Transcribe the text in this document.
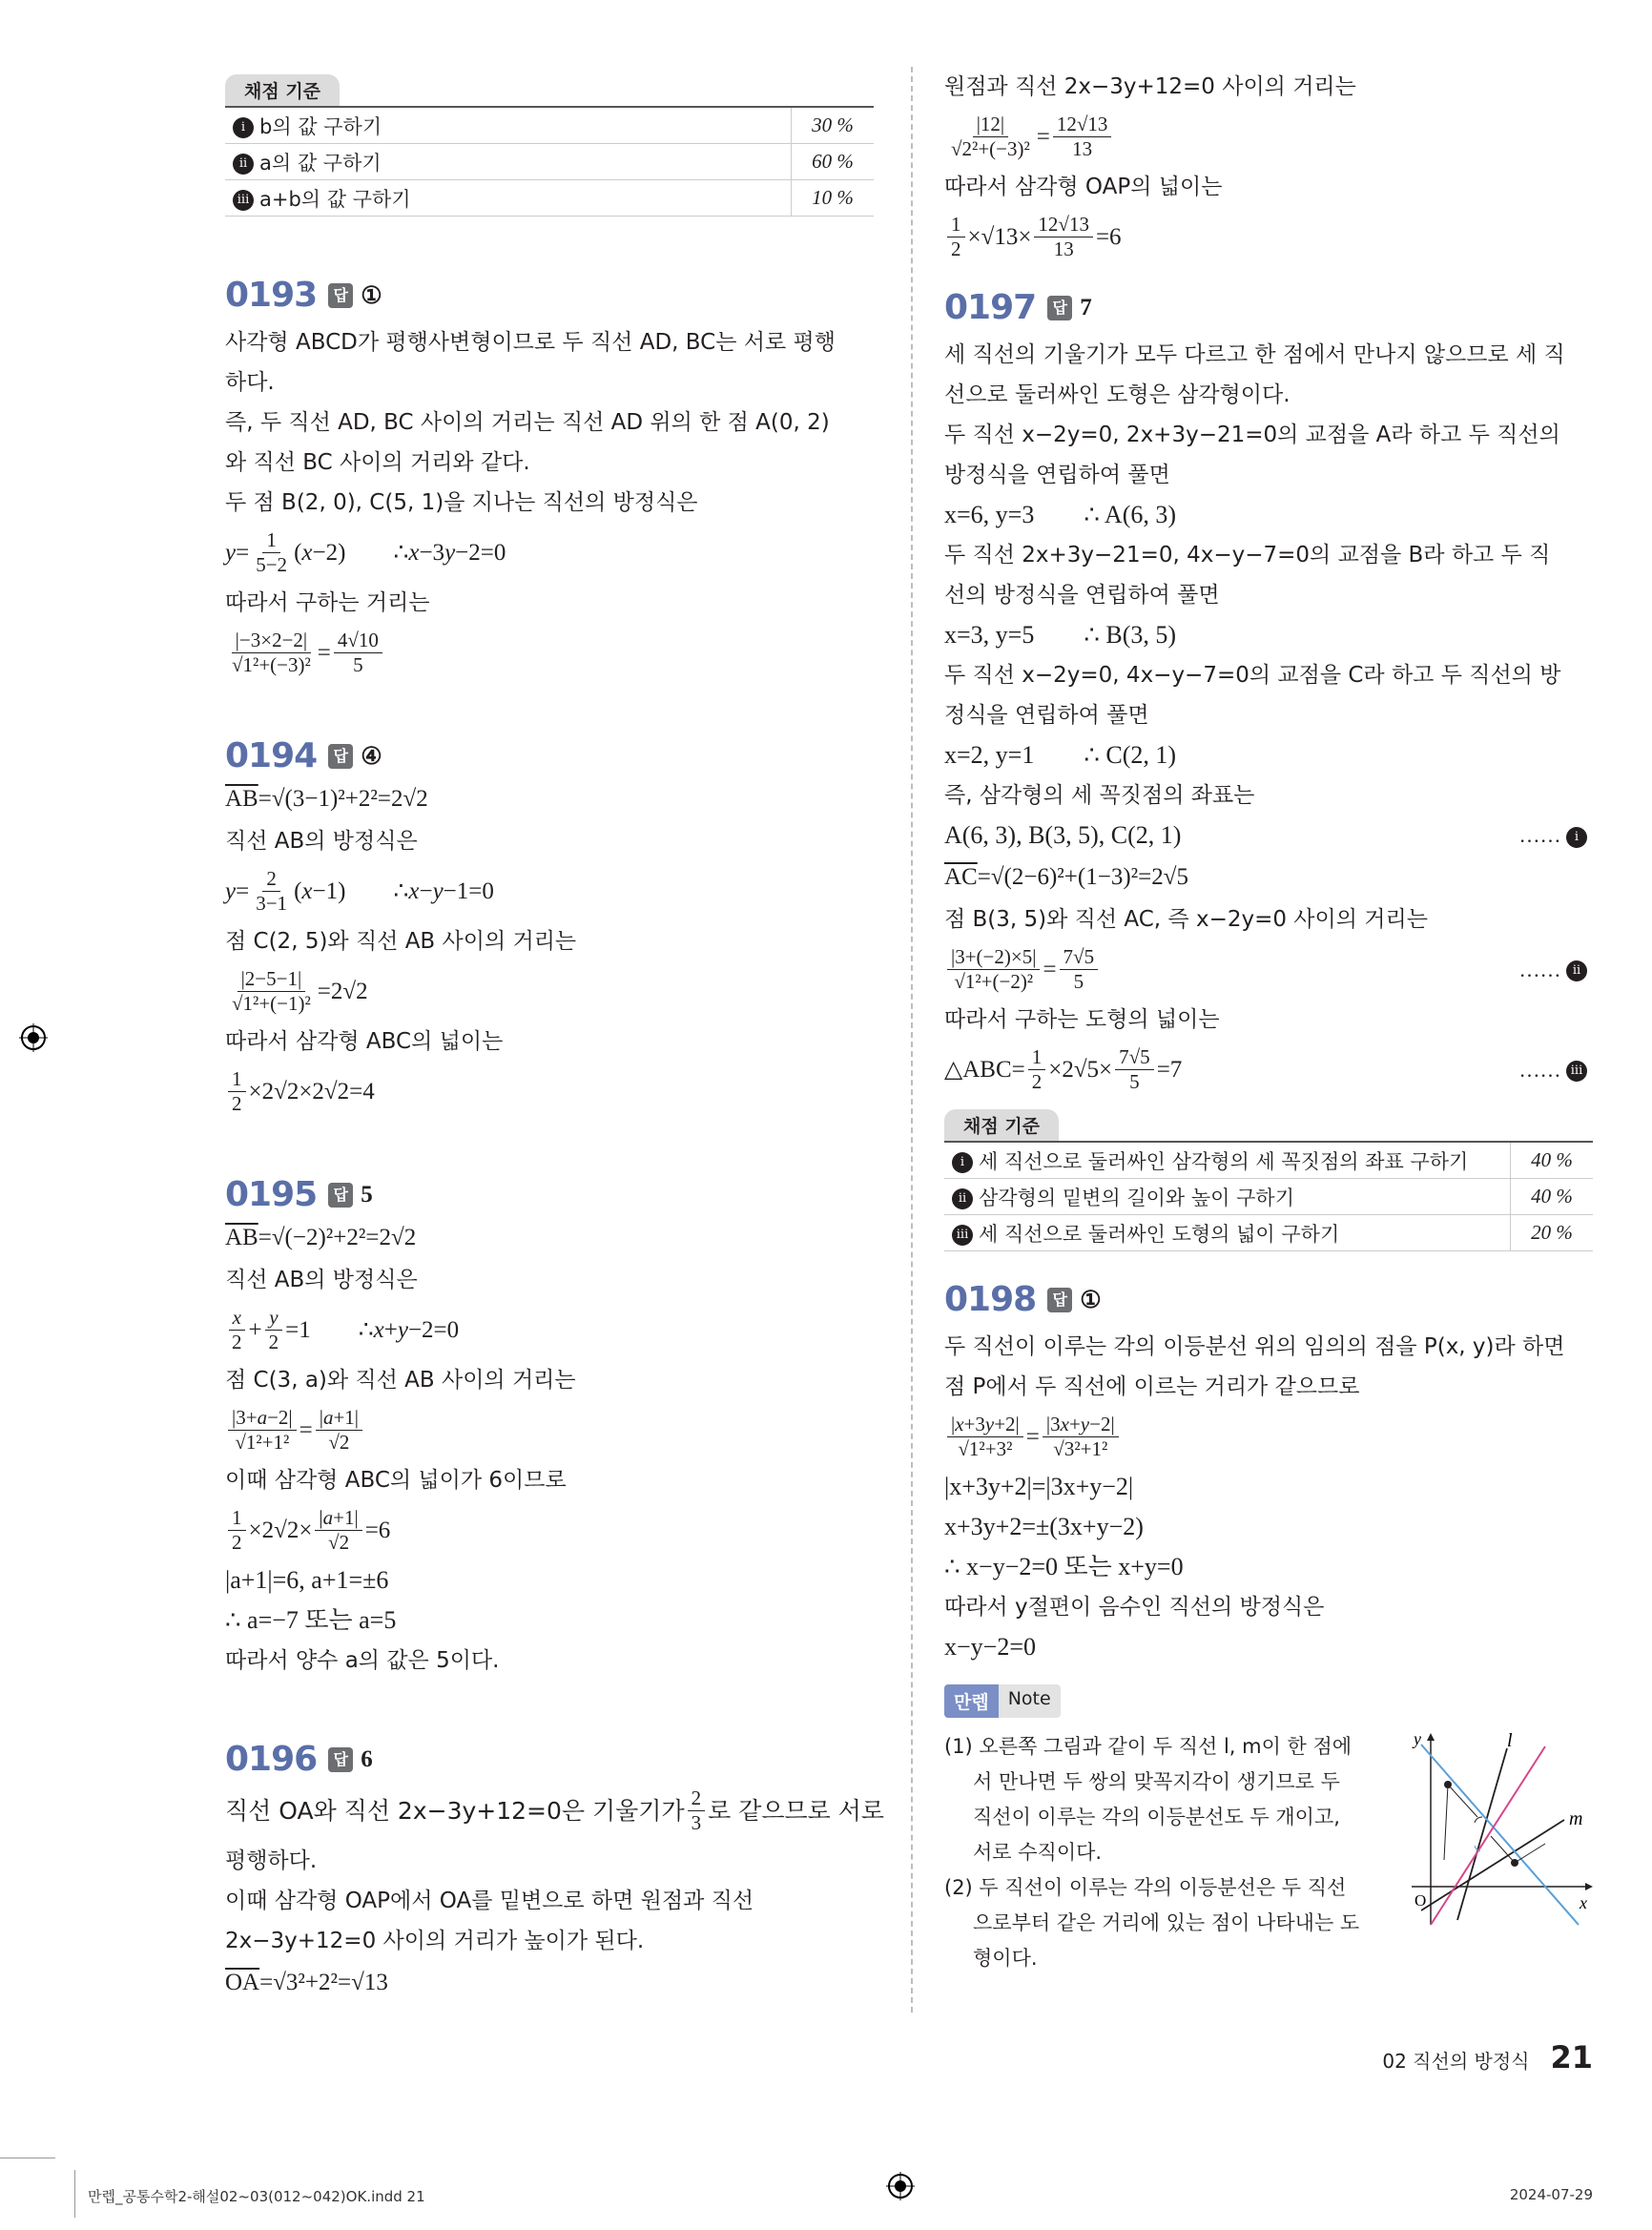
채점 기준
i b의 값 구하기	30 %
ii a의 값 구하기	60 %
iii a+b의 값 구하기	10 %
0193	답 ①
사각형 ABCD가 평행사변형이므로 두 직선 AD, BC는 서로 평행
하다.
즉, 두 직선 AD, BC 사이의 거리는 직선 AD 위의 한 점 A(0, 2)
와 직선 BC 사이의 거리와 같다.
두 점 B(2, 0), C(5, 1)을 지나는 직선의 방정식은
$y = \frac{1}{5-2}$ ( x −2) ∴ x −3 y −2=0
따라서 구하는 거리는
$\frac{|-3\times 2-2|}{\text{√1²+(−3)²}} = \frac{4√10}{5}$
0194	답 ④
$\overline{AB} =√(3-1)^2+2^2=2√2$
직선 AB의 방정식은
$y = \frac{2}{3-1}$ ( x −1) ∴ x − y −1=0
점 C(2, 5)와 직선 AB 사이의 거리는
$\frac{|2-5-1|}{\text{√1²+(−1)²}} =2√2$
따라서 삼각형 ABC의 넓이는
$\frac{1}{2} \times 2√2\times 2√2=4$
0195	답 5
$\overline{AB} =√(-2)^2+2^2=2√2$
직선 AB의 방정식은
$\frac{x}{2} + \frac{y}{2} =1$ ∴ x + y −2=0
점 C(3, a)와 직선 AB 사이의 거리는
$\frac{|3+a-2|}{\text{√1²+1²}} = \frac{|a+1|}{√2}$
이때 삼각형 ABC의 넓이가 6이므로
$\frac{1}{2} \times 2√2\times \frac{|a+1|}{√2} =6$
|a+1|=6, a+1=±6
∴ a=−7 또는 a=5
따라서 양수 a의 값은 5이다.
0196	답 6
직선 OA와 직선 2x−3y+12=0은 기울기가 $\frac{2}{3}$ 로 같으므로 서로
평행하다.
이때 삼각형 OAP에서 OA를 밑변으로 하면 원점과 직선
2x−3y+12=0 사이의 거리가 높이가 된다.
$\overline{OA} =√3^2+2^2=√13$
원점과 직선 2x−3y+12=0 사이의 거리는
$\frac{|12|}{\text{√2²+(−3)²}} = \frac{12√13}{13}$
따라서 삼각형 OAP의 넓이는
$\frac{1}{2} \times√13\times \frac{12√13}{13} =6$
0197	답 7
세 직선의 기울기가 모두 다르고 한 점에서 만나지 않으므로 세 직
선으로 둘러싸인 도형은 삼각형이다.
두 직선 x−2y=0, 2x+3y−21=0의 교점을 A라 하고 두 직선의
방정식을 연립하여 풀면
x=6, y=3        ∴ A(6, 3)
두 직선 2x+3y−21=0, 4x−y−7=0의 교점을 B라 하고 두 직
선의 방정식을 연립하여 풀면
x=3, y=5        ∴ B(3, 5)
두 직선 x−2y=0, 4x−y−7=0의 교점을 C라 하고 두 직선의 방
정식을 연립하여 풀면
x=2, y=1        ∴ C(2, 1)
즉, 삼각형의 세 꼭짓점의 좌표는
A(6, 3), B(3, 5), C(2, 1)	…… i
$\overline{AC} =√(2-6)^2+(1-3)^2=2√5$
점 B(3, 5)와 직선 AC, 즉 x−2y=0 사이의 거리는
$\frac{|3+(-2)\times 5|}{\text{√1²+(−2)²}} = \frac{7√5}{5}$	…… ii
따라서 구하는 도형의 넓이는
△ABC= $\frac{1}{2} \times 2√5\times \frac{7√5}{5} =7$	…… iii
채점 기준
i 세 직선으로 둘러싸인 삼각형의 세 꼭짓점의 좌표 구하기	40 %
ii 삼각형의 밑변의 길이와 높이 구하기	40 %
iii 세 직선으로 둘러싸인 도형의 넓이 구하기	20 %
0198	답 ①
두 직선이 이루는 각의 이등분선 위의 임의의 점을 P(x, y)라 하면
점 P에서 두 직선에 이르는 거리가 같으므로
$\frac{|x+3y+2|}{\text{√1²+3²}} = \frac{|3x+y-2|}{\text{√3²+1²}}$
|x+3y+2|=|3x+y−2|
x+3y+2=±(3x+y−2)
∴ x−y−2=0 또는 x+y=0
따라서 y절편이 음수인 직선의 방정식은
x−y−2=0
만렙	Note

(1) 오른쪽 그림과 같이 두 직선 l, m이 한 점에서 만나면 두 쌍의 맞꼭지각이 생기므로 두 직선이 이루는 각의 이등분선도 두 개이고, 서로 수직이다.

(2) 두 직선이 이루는 각의 이등분선은 두 직선으로부터 같은 거리에 있는 점이 나타내는 도형이다.

O
y
x
l
m
02 직선의 방정식 21
만렙_공통수학2-해설02~03(012~042)OK.indd 21	2024-07-29
